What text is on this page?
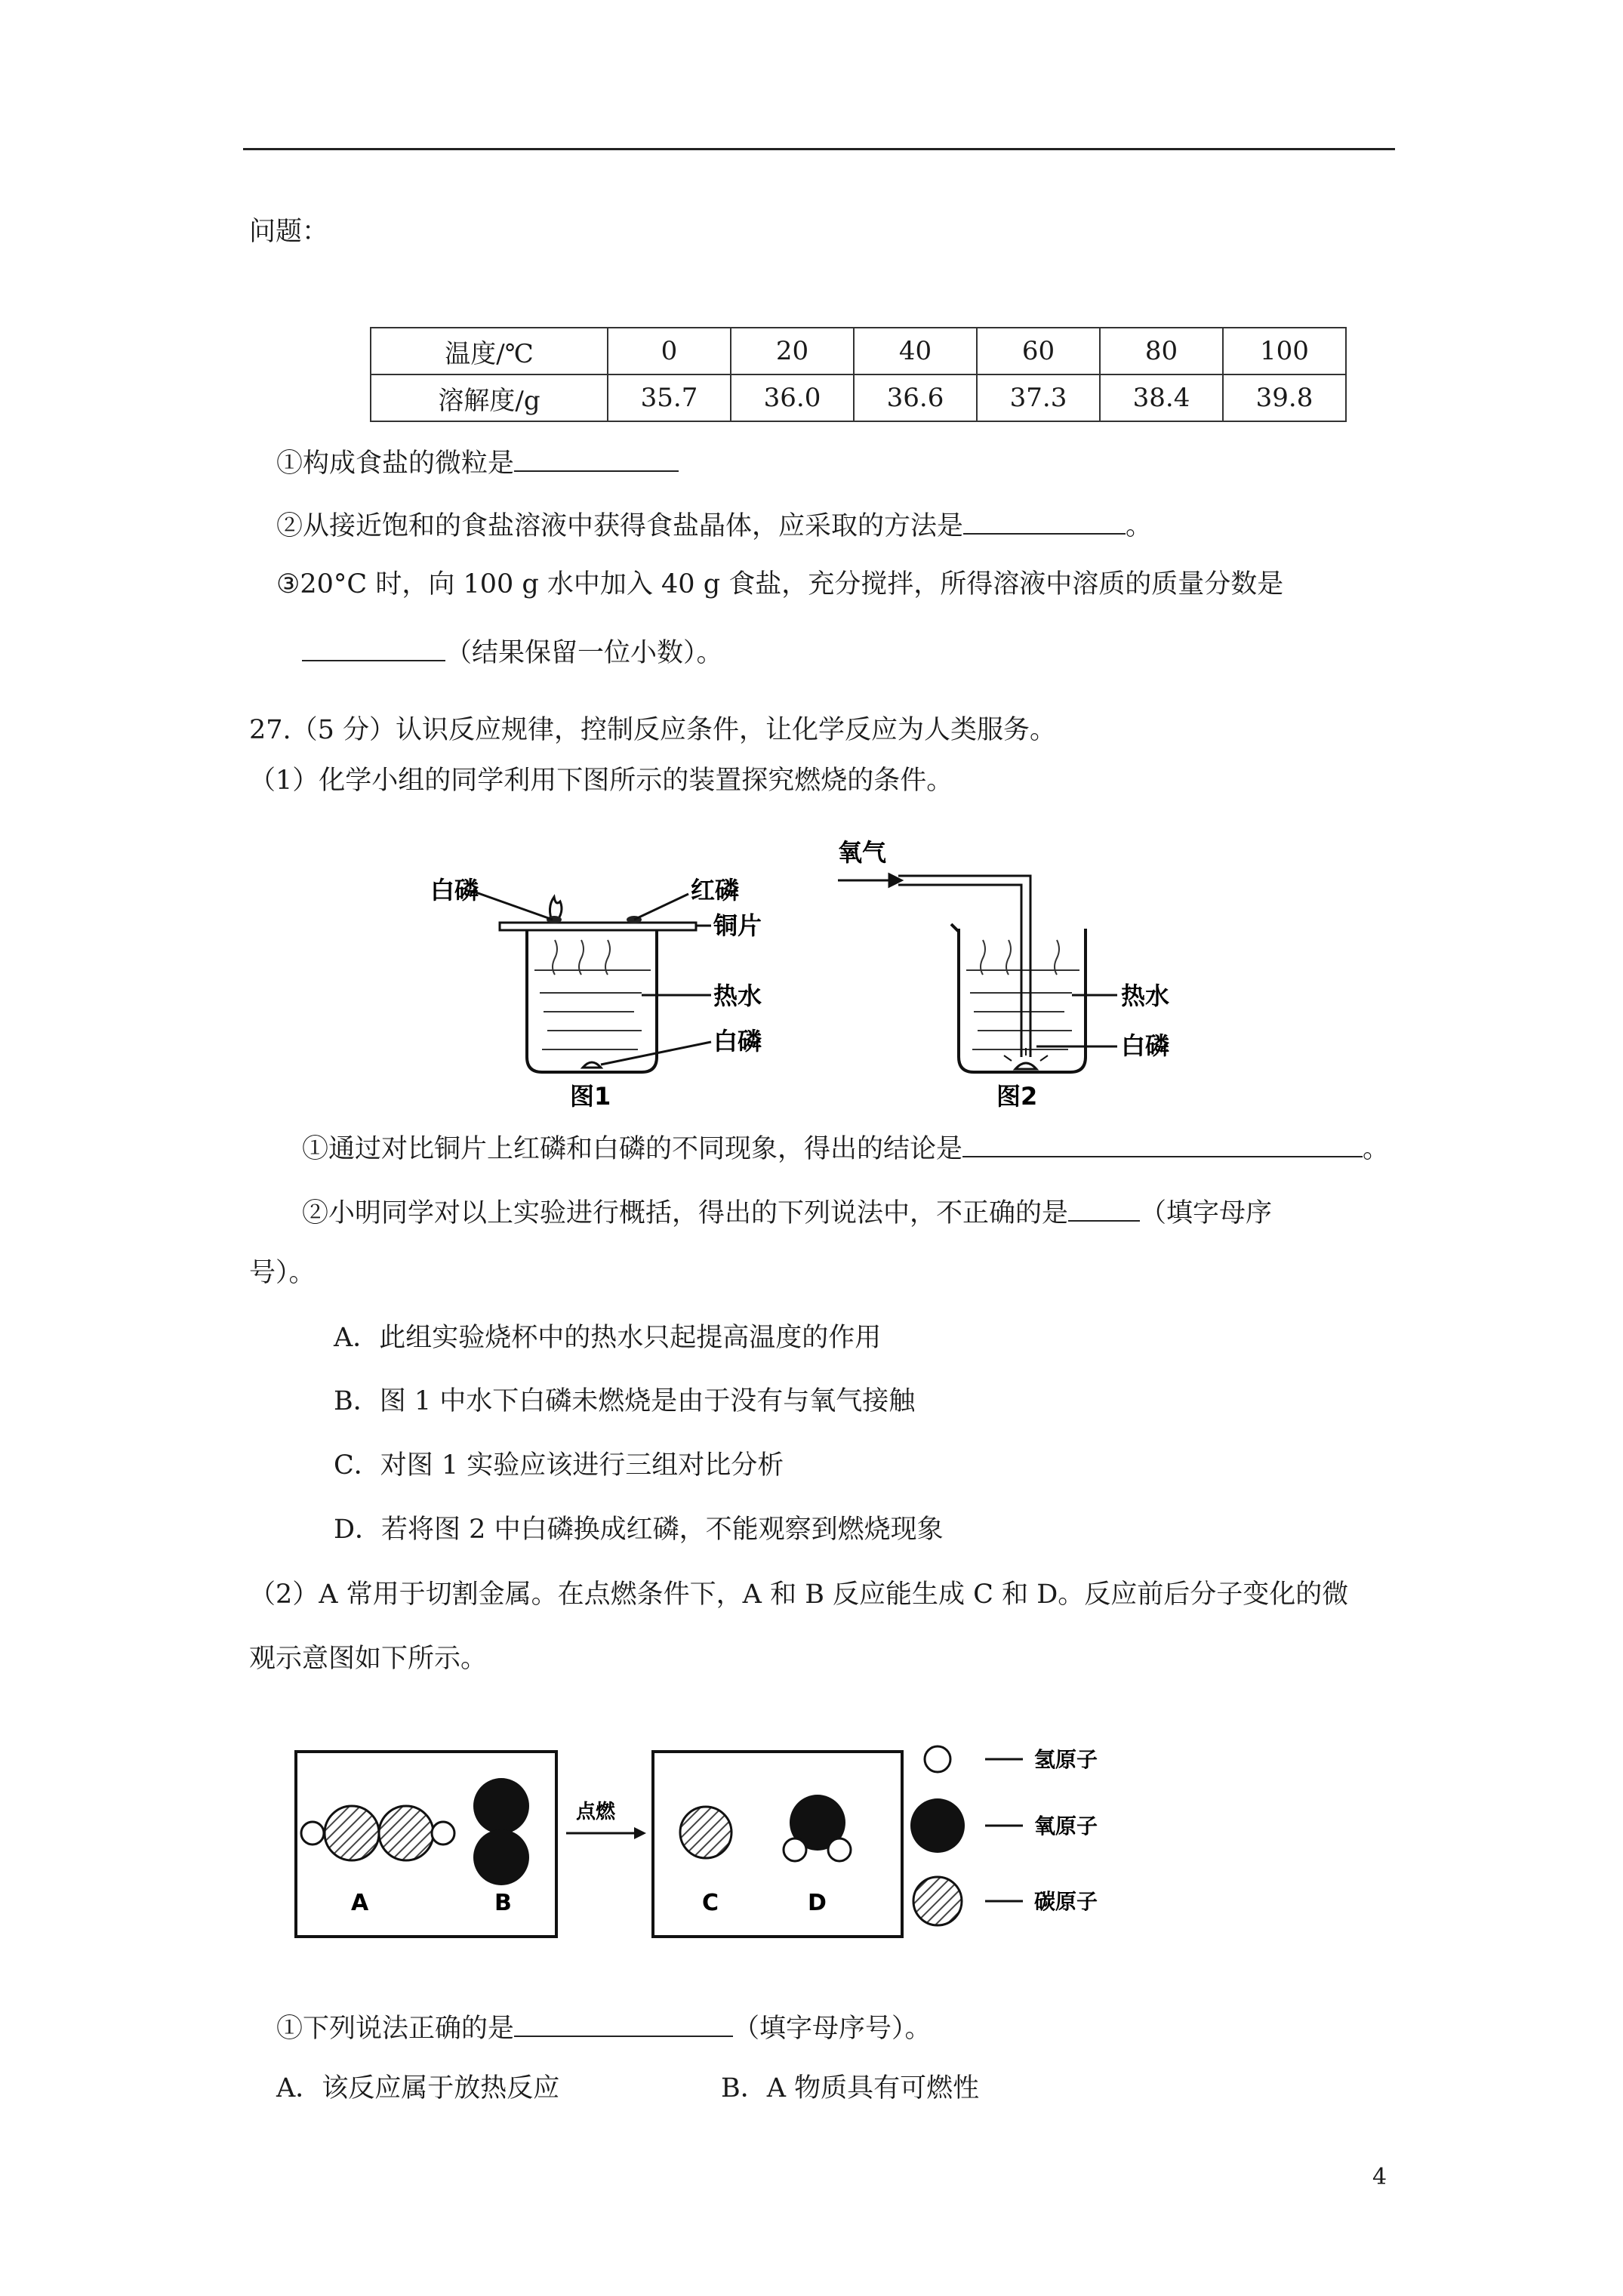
问题：
温度/℃	0	20	40	60	80	100
溶解度/g	35.7	36.0	36.6	37.3	38.4	39.8
①构成食盐的微粒是
②从接近饱和的食盐溶液中获得食盐晶体，应采取的方法是	。
③20°C 时，向 100 g 水中加入 40 g 食盐，充分搅拌，所得溶液中溶质的质量分数是
（结果保留一位小数）。
27.（5 分）认识反应规律，控制反应条件，让化学反应为人类服务。
（1）化学小组的同学利用下图所示的装置探究燃烧的条件。
白磷	红磷
铜片
热水
白磷
图1
氧气
热水
白磷
图2
①通过对比铜片上红磷和白磷的不同现象，得出的结论是	。
②小明同学对以上实验进行概括，得出的下列说法中，不正确的是	（填字母序
号）。
A．此组实验烧杯中的热水只起提高温度的作用
B．图 1 中水下白磷未燃烧是由于没有与氧气接触
C．对图 1 实验应该进行三组对比分析
D．若将图 2 中白磷换成红磷，不能观察到燃烧现象
（2）A 常用于切割金属。在点燃条件下，A 和 B 反应能生成 C 和 D。反应前后分子变化的微
观示意图如下所示。
A	B
点燃
C	D
氢原子
氧原子
碳原子
①下列说法正确的是	（填字母序号）。
A．该反应属于放热反应	B．A 物质具有可燃性
4
